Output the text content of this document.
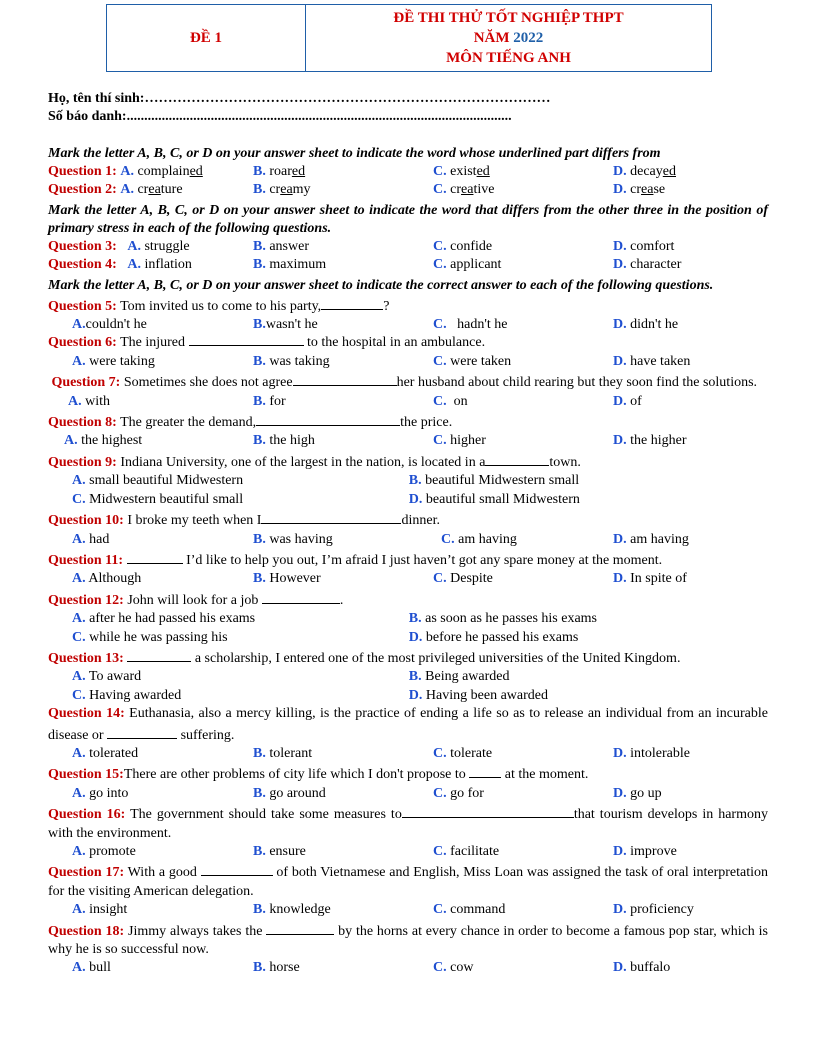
ĐỀ 1
ĐỀ THI THỬ TỐT NGHIỆP THPT
NĂM 2022
MÔN TIẾNG ANH
Họ, tên thí sinh:……………………………………………………………………………
Số báo danh:..............................................................................................................
Mark the letter A, B, C, or D on your answer sheet to indicate the word whose underlined part differs from
Question 1: A. complained	B. roared	C. existed	D. decayed
Question 2: A. creature	B. creamy	C. creative	D. crease
Mark the letter A, B, C, or D on your answer sheet to indicate the word that differs from the other three in the position of primary stress in each of the following questions.
Question 3: A. struggle	B. answer	C. confide	D. comfort
Question 4: A. inflation	B. maximum	C. applicant	D. character
Mark the letter A, B, C, or D on your answer sheet to indicate the correct answer to each of the following questions.
Question 5: Tom invited us to come to his party,	?
A.couldn't he	B.wasn't he	C.   hadn't he	D. didn't he
Question 6: The injured	to the hospital in an ambulance.
A. were taking	B. was taking	C. were taken	D. have taken
Question 7: Sometimes she does not agree	her husband about child rearing but they soon find the solutions.
A. with	B. for	C.  on	D. of
Question 8: The greater the demand,	the price.
A. the highest	B. the high	C. higher	D. the higher
Question 9: Indiana University, one of the largest in the nation, is located in a	town.
A. small beautiful Midwestern	B. beautiful Midwestern small
C. Midwestern beautiful small	D. beautiful small Midwestern
Question 10: I broke my teeth when I	dinner.
A. had	B. was having	C. am having	D. am having
Question 11:	I’d like to help you out, I’m afraid I just haven’t got any spare money at the moment.
A. Although	B. However	C. Despite	D. In spite of
Question 12: John will look for a job	.
A. after he had passed his exams	B. as soon as he passes his exams
C. while he was passing his	D. before he passed his exams
Question 13:	a scholarship, I entered one of the most privileged universities of the United Kingdom.
A. To award	B. Being awarded
C. Having awarded	D. Having been awarded
Question 14: Euthanasia, also a mercy killing, is the practice of ending a life so as to release an individual from an incurable disease or	suffering.
A. tolerated	B. tolerant	C. tolerate	D. intolerable
Question 15:There are other problems of city life which I don't propose to  at the moment.
A. go into	B. go around	C. go for	D. go up
Question 16: The government should take some measures to	that tourism develops in harmony with the environment.
A. promote	B. ensure	C. facilitate	D. improve
Question 17: With a good	of both Vietnamese and English, Miss Loan was assigned the task of oral interpretation for the visiting American delegation.
A. insight	B. knowledge	C. command	D. proficiency
Question 18: Jimmy always takes the	by the horns at every chance in order to become a famous pop star, which is why he is so successful now.
A. bull	B. horse	C. cow	D. buffalo
